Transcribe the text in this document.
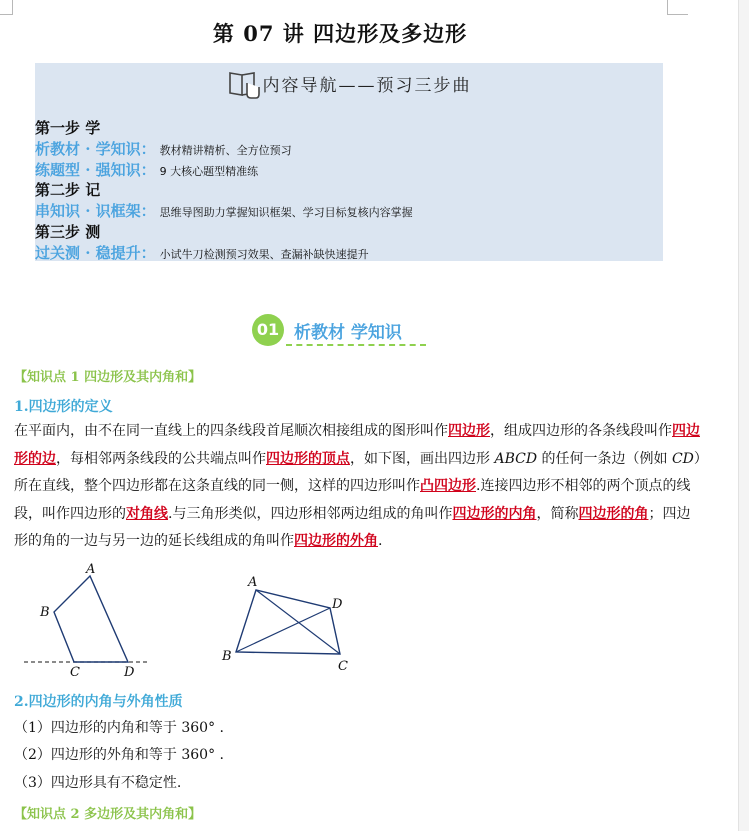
第 07 讲 四边形及多边形
内容导航——预习三步曲
第一步 学
析教材 · 学知识： 教材精讲精析、全方位预习
练题型 · 强知识： 9 大核心题型精准练
第二步 记
串知识 · 识框架： 思维导图助力掌握知识框架、学习目标复核内容掌握
第三步 测
过关测 · 稳提升： 小试牛刀检测预习效果、查漏补缺快速提升
01 析教材 学知识
【知识点 1 四边形及其内角和】
1.四边形的定义
在平面内，由不在同一直线上的四条线段首尾顺次相接组成的图形叫作四边形，组成四边形的各条线段叫作四边形的边，每相邻两条线段的公共端点叫作四边形的顶点，如下图，画出四边形 ABCD 的任何一条边（例如 CD）所在直线，整个四边形都在这条直线的同一侧，这样的四边形叫作凸四边形.连接四边形不相邻的两个顶点的线段，叫作四边形的对角线.与三角形类似，四边形相邻两边组成的角叫作四边形的内角，简称四边形的角；四边形的角的一边与另一边的延长线组成的角叫作四边形的外角.
A
B
C	D
A
B
C
D
2.四边形的内角与外角性质
（1）四边形的内角和等于 360° .
（2）四边形的外角和等于 360° .
（3）四边形具有不稳定性.
【知识点 2 多边形及其内角和】
